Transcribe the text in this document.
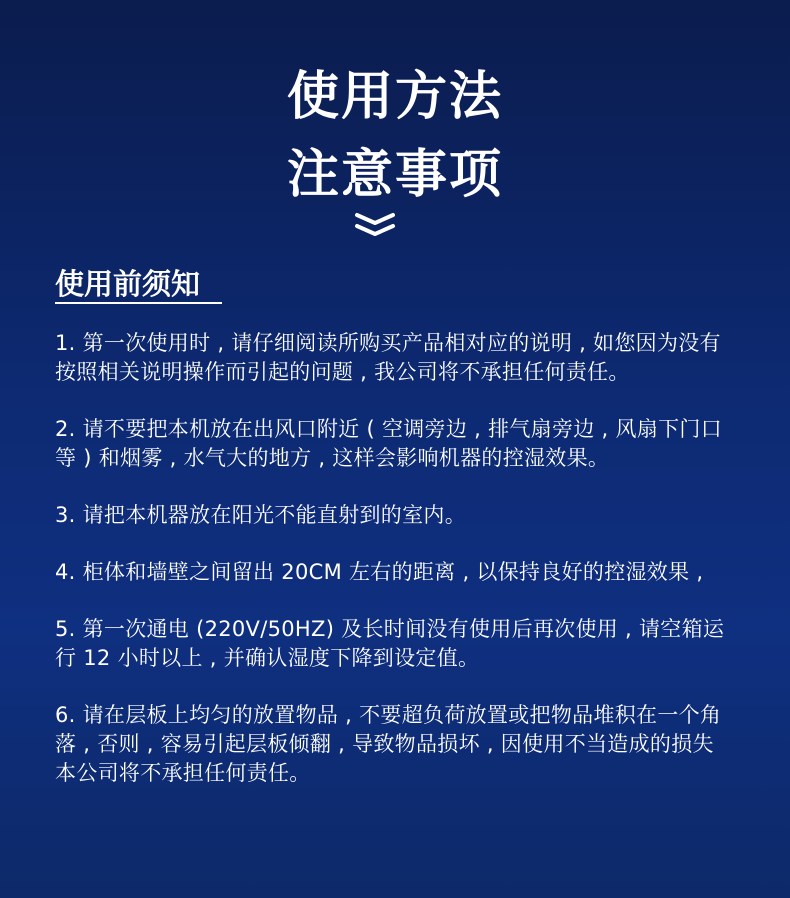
使用方法
注意事项
使用前须知
1. 第一次使用时 , 请仔细阅读所购买产品相对应的说明 , 如您因为没有按照相关说明操作而引起的问题 , 我公司将不承担任何责任。
2. 请不要把本机放在出风口附近 ( 空调旁边 , 排气扇旁边 , 风扇下门口等 ) 和烟雾 , 水气大的地方 , 这样会影响机器的控湿效果。
3. 请把本机器放在阳光不能直射到的室内。
4. 柜体和墙壁之间留出 20CM 左右的距离 , 以保持良好的控湿效果 ,
5. 第一次通电 (220V/50HZ) 及长时间没有使用后再次使用 , 请空箱运行 12 小时以上 , 并确认湿度下降到设定值。
6. 请在层板上均匀的放置物品 , 不要超负荷放置或把物品堆积在一个角落 , 否则 , 容易引起层板倾翻 , 导致物品损坏 , 因使用不当造成的损失本公司将不承担任何责任。
